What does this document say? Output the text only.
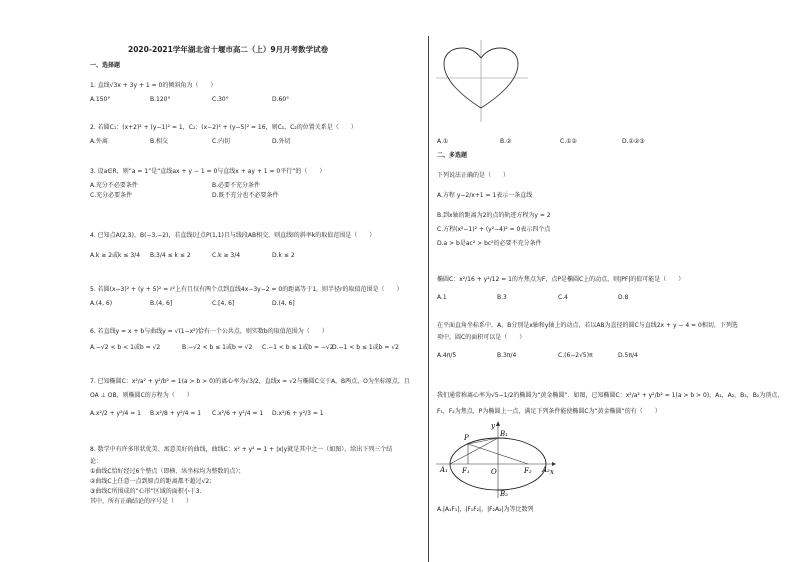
2020-2021学年湖北省十堰市高二（上）9月月考数学试卷
一、选择题
1. 直线√3x + 3y + 1 = 0的倾斜角为（　　）
A.150°	B.120°	C.30°	D.60°
2. 若圆C₁：(x+2)² + (y−1)² = 1，C₂：(x−2)² + (y−5)² = 16，则C₁，C₂的位置关系是（　　）
A.外离	B.相交	C.内切	D.外切
3. 设a∈R，则“a = 1”是“直线ax + y − 1 = 0与直线x + ay + 1 = 0平行”的（　　）
A.充分不必要条件	B.必要不充分条件
C.充分必要条件	D.既不充分也不必要条件
4. 已知点A(2,3)，B(−3,−2)，若直线l过点P(1,1)且与线段AB相交，则直线l的斜率k的取值范围是（　　）
A.k ≥ 2或k ≤ 3/4 B.3/4 ≤ k ≤ 2	C.k ≥ 3/4	D.k ≤ 2
5. 若圆(x−3)² + (y + 5)² = r²上有且仅有两个点到直线4x−3y−2 = 0的距离等于1，则半径r的取值范围是（　　）
A.(4, 6)	B.(4, 6]	C.[4, 6]	D.(4, 6]
6. 若直线y = x + b与曲线y = √(1−x²)恰有一个公共点，则实数b的取值范围为（　　）
A.−√2 < b < 1或b = √2	B.−√2 < b ≤ 1或b = √2 C.−1 < b ≤ 1或b = −√2
D.−1 < b ≤ 1或b = √2
7. 已知椭圆C：x²/a² + y²/b² = 1(a > b > 0)的离心率为√3/2，直线x = √2与椭圆C交于A，B两点，O为坐标原点，且
OA ⊥ OB，则椭圆C的方程为（　　）
A.x²/2 + y²/4 = 1 B.x²/8 + y²/4 = 1 C.x²/6 + y²/4 = 1 D.x²/6 + y²/3 = 1
8. 数学中有许多形状优美、寓意美好的曲线，曲线C：x² + y² = 1 + |x|y就是其中之一（如图），给出下列三个结
论：
①曲线C恰好经过6个整点（即横、纵坐标均为整数的点）；
②曲线C上任意一点到原点的距离都不超过√2；
③曲线C所围成的“心形”区域的面积小于3.
其中，所有正确结论的序号是（　　）
A.①	B.②	C.①②	D.①②③
二、多选题
下列说法正确的是（　　）
A.方程 y−2/x+1 = 1表示一条直线
B.到x轴的距离为2的点的轨迹方程为y = 2
C.方程(x²−1)² + (y²−4)² = 0表示四个点
D.a > b是ac² > bc²的必要不充分条件
椭圆C：x²/16 + y²/12 = 1的左焦点为F，点P是椭圆C上的动点，则|PF|的值可能是（　　）
A.1	B.3	C.4	D.8
在平面直角坐标系中，A，B分别是x轴和y轴上的动点，若以AB为直径的圆C与直线2x + y − 4 = 0相切，下列选
项中，圆C的面积可以是（　　）
A.4π/5	B.3π/4	C.(6−2√5)π	D.5π/4
我们通常称离心率为√5−1/2的椭圆为“黄金椭圆”．如图，已知椭圆C：x²/a² + y²/b² = 1(a > b > 0)，A₁，A₂，B₁，B₂为顶点，
F₁，F₂为焦点，P为椭圆上一点，满足下列条件能使椭圆C为“黄金椭圆”的有（　　）
x
y
O
P
A₁	A₂
B₁
B₂
F₁	F₂
A.|A₁F₁|，|F₁F₂|，|F₂A₂|为等比数列
